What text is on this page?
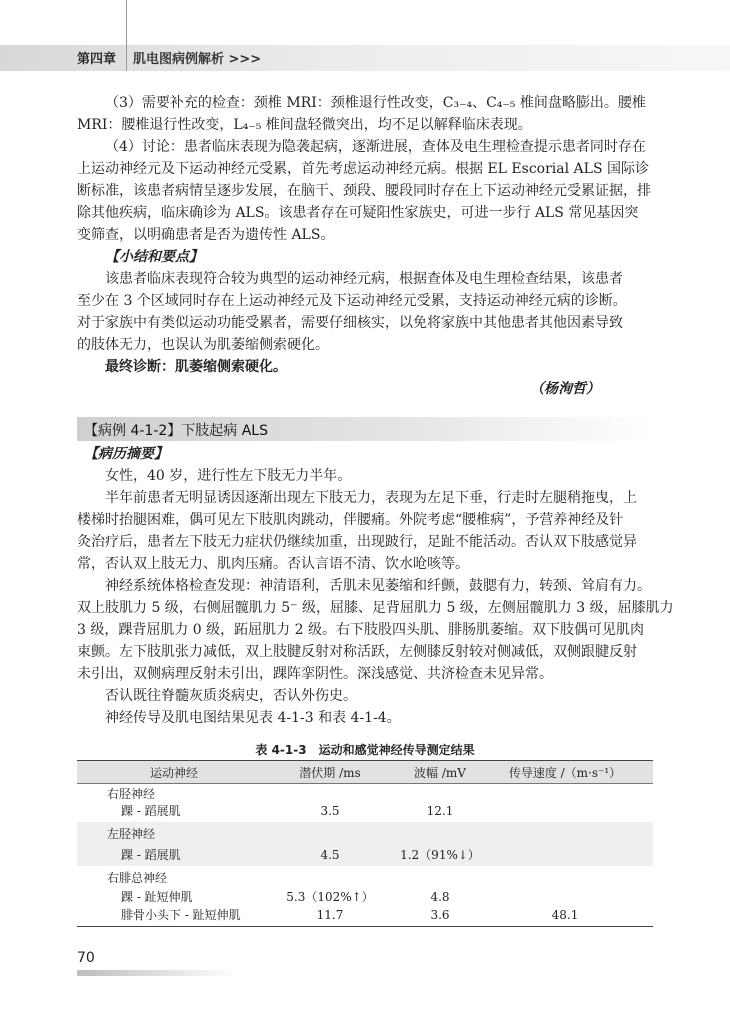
第四章 肌电图病例解析 >>>
（3）需要补充的检查：颈椎 MRI：颈椎退行性改变，C₃₋₄、C₄₋₅ 椎间盘略膨出。腰椎
MRI：腰椎退行性改变，L₄₋₅ 椎间盘轻微突出，均不足以解释临床表现。
（4）讨论：患者临床表现为隐袭起病，逐渐进展，查体及电生理检查提示患者同时存在
上运动神经元及下运动神经元受累，首先考虑运动神经元病。根据 EL Escorial ALS 国际诊
断标准，该患者病情呈逐步发展，在脑干、颈段、腰段同时存在上下运动神经元受累证据，排
除其他疾病，临床确诊为 ALS。该患者存在可疑阳性家族史，可进一步行 ALS 常见基因突
变筛查，以明确患者是否为遗传性 ALS。
【小结和要点】
该患者临床表现符合较为典型的运动神经元病，根据查体及电生理检查结果，该患者
至少在 3 个区域同时存在上运动神经元及下运动神经元受累，支持运动神经元病的诊断。
对于家族中有类似运动功能受累者，需要仔细核实，以免将家族中其他患者其他因素导致
的肢体无力，也误认为肌萎缩侧索硬化。
最终诊断：肌萎缩侧索硬化。
（杨洵哲）
【病例 4-1-2】下肢起病 ALS
【病历摘要】
女性，40 岁，进行性左下肢无力半年。
半年前患者无明显诱因逐渐出现左下肢无力，表现为左足下垂，行走时左腿稍拖曳，上
楼梯时抬腿困难，偶可见左下肢肌肉跳动，伴腰痛。外院考虑“腰椎病”，予营养神经及针
灸治疗后，患者左下肢无力症状仍继续加重，出现跛行，足趾不能活动。否认双下肢感觉异
常，否认双上肢无力、肌肉压痛。否认言语不清、饮水呛咳等。
神经系统体格检查发现：神清语利，舌肌未见萎缩和纤颤，鼓腮有力，转颈、耸肩有力。
双上肢肌力 5 级，右侧屈髋肌力 5⁻ 级，屈膝、足背屈肌力 5 级，左侧屈髋肌力 3 级，屈膝肌力
3 级，踝背屈肌力 0 级，跖屈肌力 2 级。右下肢股四头肌、腓肠肌萎缩。双下肢偶可见肌肉
束颤。左下肢肌张力减低，双上肢腱反射对称活跃，左侧膝反射较对侧减低，双侧跟腱反射
未引出，双侧病理反射未引出，踝阵挛阴性。深浅感觉、共济检查未见异常。
否认既往脊髓灰质炎病史，否认外伤史。
神经传导及肌电图结果见表 4-1-3 和表 4-1-4。
表 4-1-3　运动和感觉神经传导测定结果
运动神经	潜伏期 /ms	波幅 /mV	传导速度 /（m·s⁻¹）
右胫神经
踝 - 蹈展肌	3.5	12.1
左胫神经
踝 - 蹈展肌	4.5	1.2（91%↓）
右腓总神经
踝 - 趾短伸肌	5.3（102%↑）	4.8
腓骨小头下 - 趾短伸肌	11.7	3.6	48.1
70
